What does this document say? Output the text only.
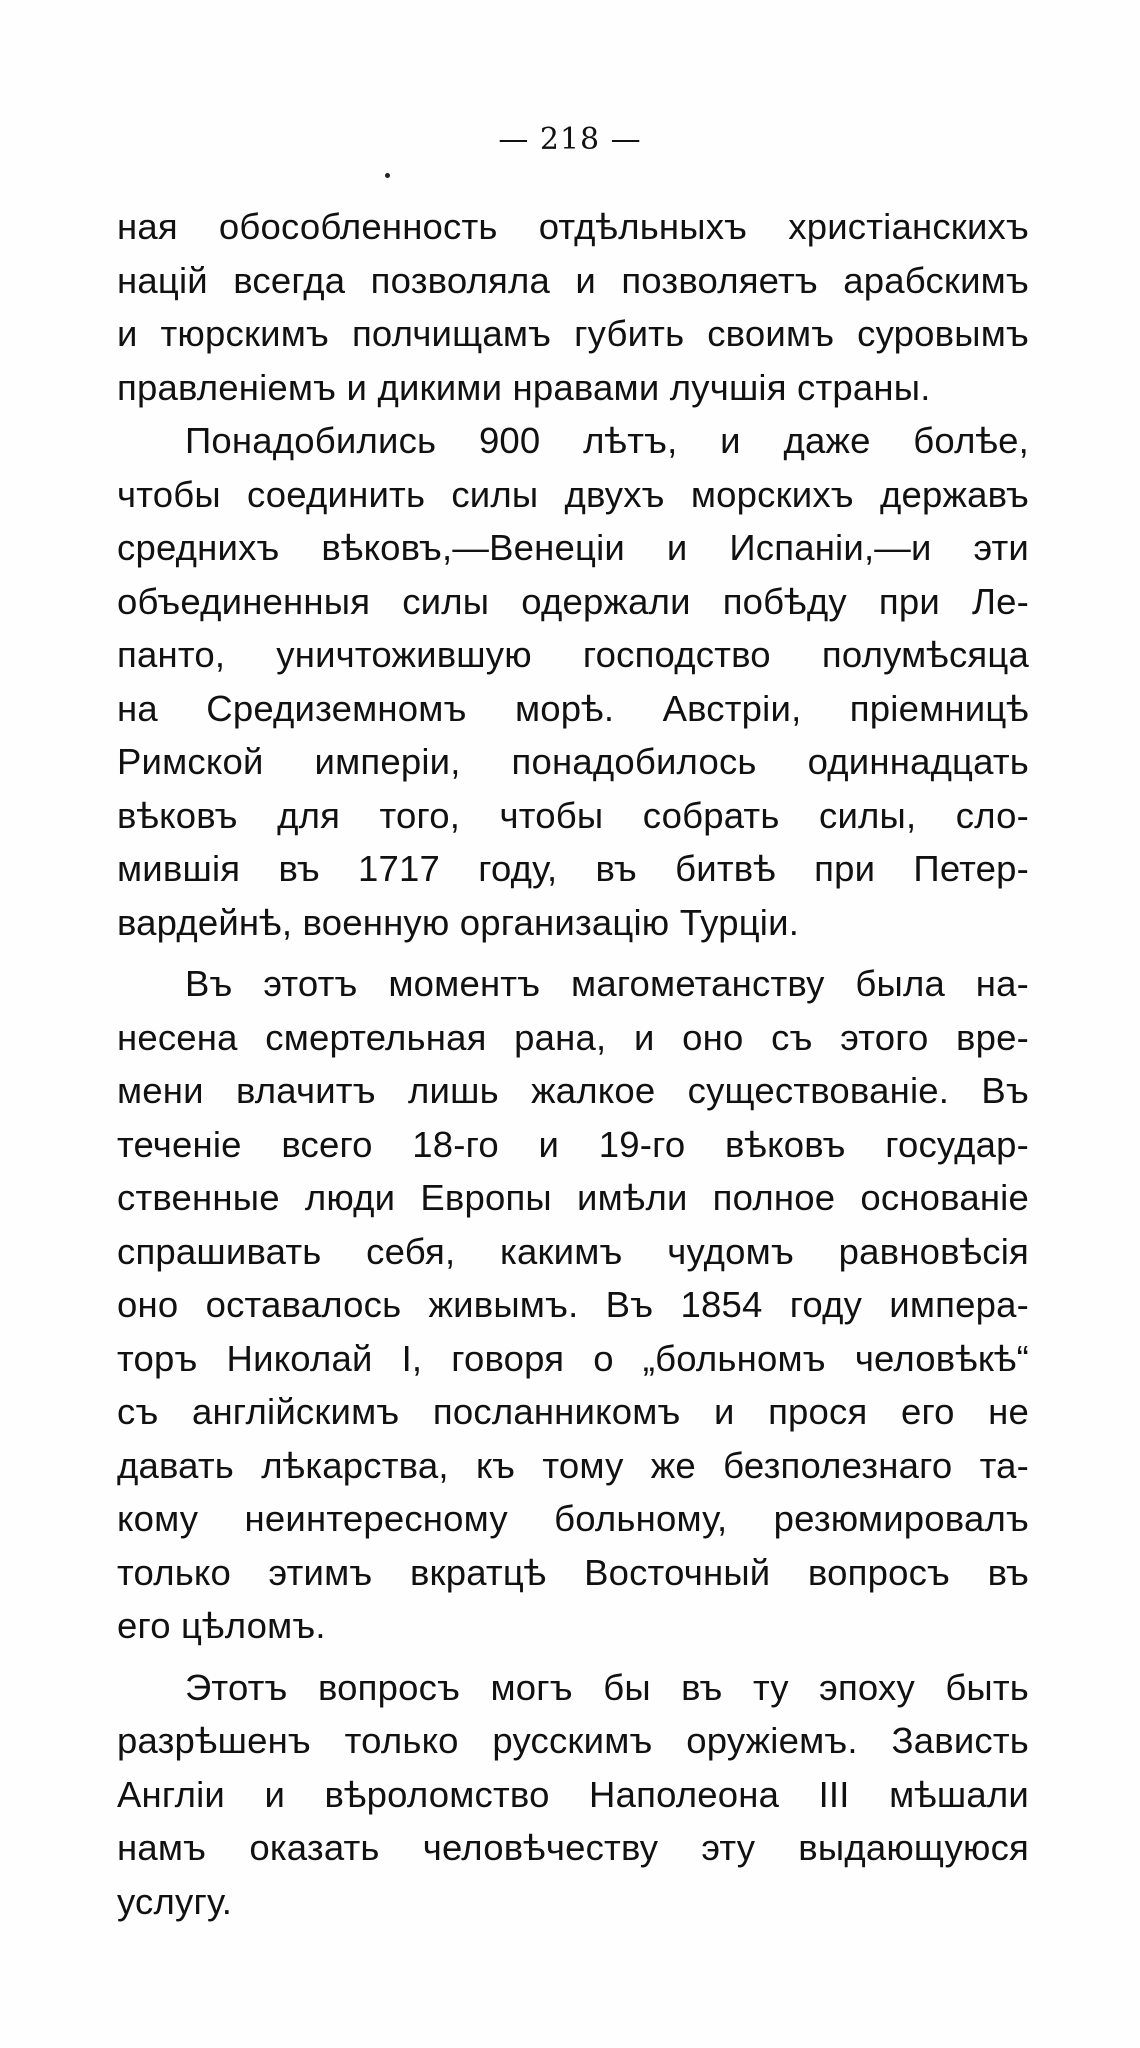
— 218 —
ная обособленность отдѣльныхъ христіанскихъ
націй всегда позволяла и позволяетъ арабскимъ
и тюрскимъ полчищамъ губить своимъ суровымъ
правленіемъ и дикими нравами лучшія страны.
Понадобились 900 лѣтъ, и даже болѣе,
чтобы соединить силы двухъ морскихъ державъ
среднихъ вѣковъ,—Венеціи и Испаніи,—и эти
объединенныя силы одержали побѣду при Ле-
панто, уничтожившую господство полумѣсяца
на Средиземномъ морѣ. Австріи, пріемницѣ
Римской имперіи, понадобилось одиннадцать
вѣковъ для того, чтобы собрать силы, сло-
мившія въ 1717 году, въ битвѣ при Петер-
вардейнѣ, военную организацію Турціи.
Въ этотъ моментъ магометанству была на-
несена смертельная рана, и оно съ этого вре-
мени влачитъ лишь жалкое существованіе. Въ
теченіе всего 18-го и 19-го вѣковъ государ-
ственные люди Европы имѣли полное основаніе
спрашивать себя, какимъ чудомъ равновѣсія
оно оставалось живымъ. Въ 1854 году импера-
торъ Николай I, говоря о „больномъ человѣкѣ“
съ англійскимъ посланникомъ и прося его не
давать лѣкарства, къ тому же безполезнаго та-
кому неинтересному больному, резюмировалъ
только этимъ вкратцѣ Восточный вопросъ въ
его цѣломъ.
Этотъ вопросъ могъ бы въ ту эпоху быть
разрѣшенъ только русскимъ оружіемъ. Зависть
Англіи и вѣроломство Наполеона III мѣшали
намъ оказать человѣчеству эту выдающуюся
услугу.
